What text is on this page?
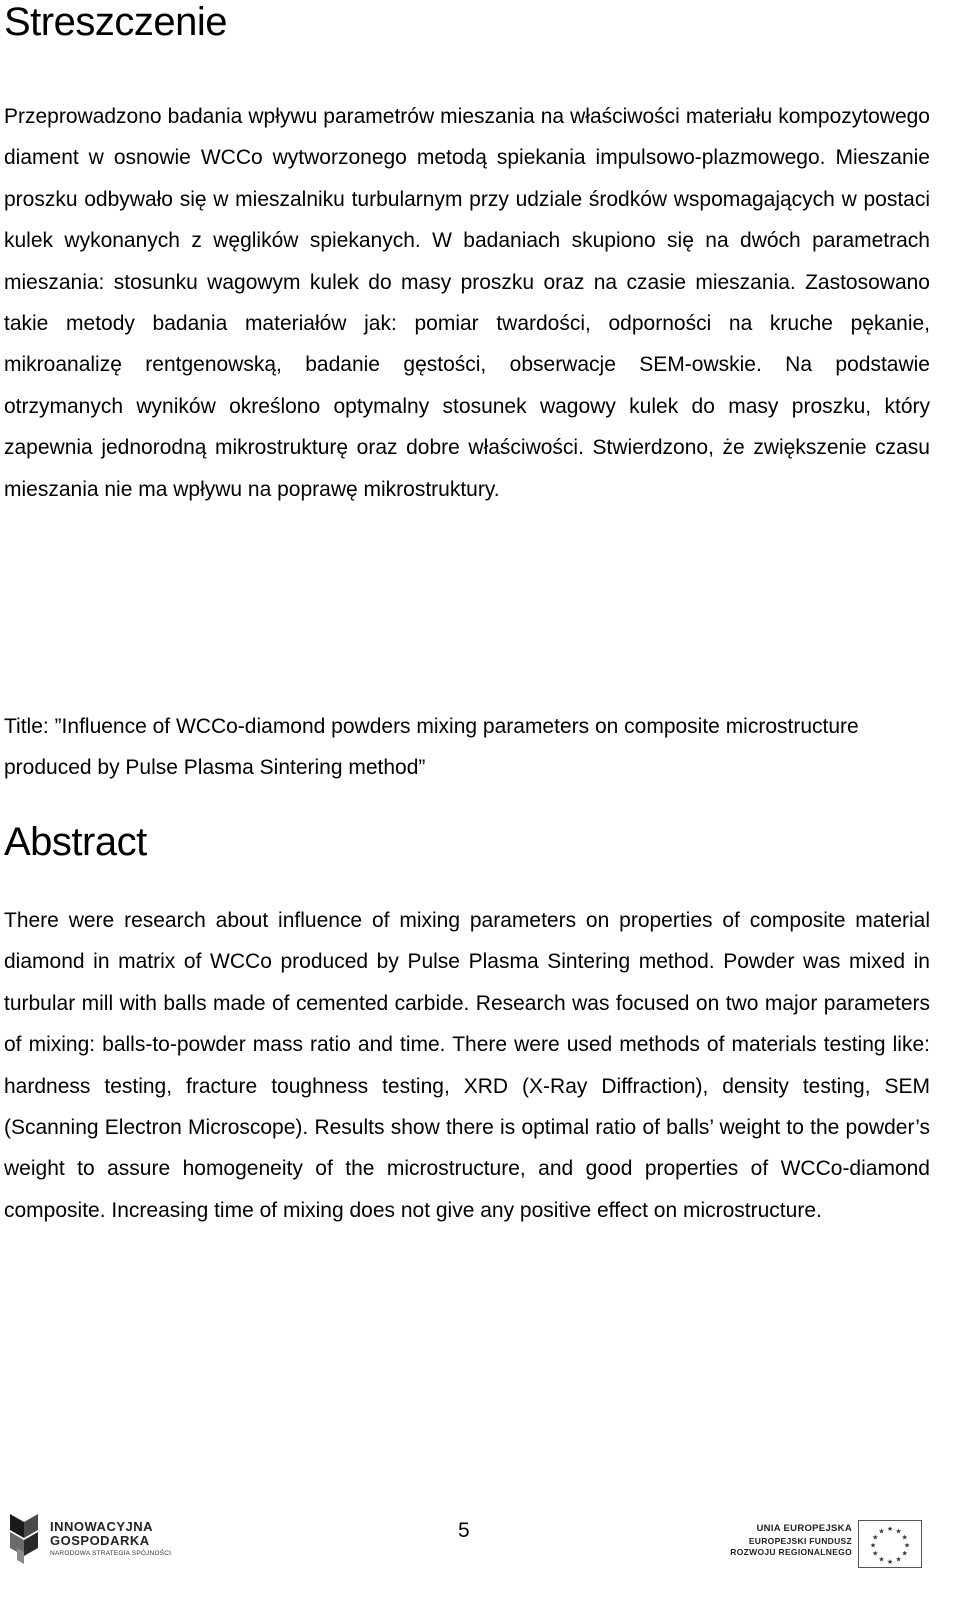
Streszczenie

Przeprowadzono badania wpływu parametrów mieszania na właściwości materiału kompozytowego diament w osnowie WCCo wytworzonego metodą spiekania impulsowo-plazmowego. Mieszanie proszku odbywało się w mieszalniku turbularnym przy udziale środków wspomagających w postaci kulek wykonanych z węglików spiekanych. W badaniach skupiono się na dwóch parametrach mieszania: stosunku wagowym kulek do masy proszku oraz na czasie mieszania. Zastosowano takie metody badania materiałów jak: pomiar twardości, odporności na kruche pękanie, mikroanalizę rentgenowską, badanie gęstości, obserwacje SEM-owskie. Na podstawie otrzymanych wyników określono optymalny stosunek wagowy kulek do masy proszku, który zapewnia jednorodną mikrostrukturę oraz dobre właściwości. Stwierdzono, że zwiększenie czasu mieszania nie ma wpływu na poprawę mikrostruktury.

Title: ”Influence of WCCo-diamond powders mixing parameters on composite microstructure produced by Pulse Plasma Sintering method”

Abstract

There were research about influence of mixing parameters on properties of composite material diamond in matrix of WCCo produced by Pulse Plasma Sintering method. Powder was mixed in turbular mill with balls made of cemented carbide. Research was focused on two major parameters of mixing: balls-to-powder mass ratio and time. There were used methods of materials testing like: hardness testing, fracture toughness testing, XRD (X-Ray Diffraction), density testing, SEM (Scanning Electron Microscope). Results show there is optimal ratio of balls’ weight to the powder’s weight to assure homogeneity of the microstructure, and good properties of WCCo-diamond composite. Increasing time of mixing does not give any positive effect on microstructure.

INNOWACYJNA
GOSPODARKA
NARODOWA STRATEGIA SPÓJNOŚCI
5	UNIA EUROPEJSKA
EUROPEJSKI FUNDUSZ
ROZWOJU REGIONALNEGO
★ ★
★
★
★
★
★
★
★
★
★
★
